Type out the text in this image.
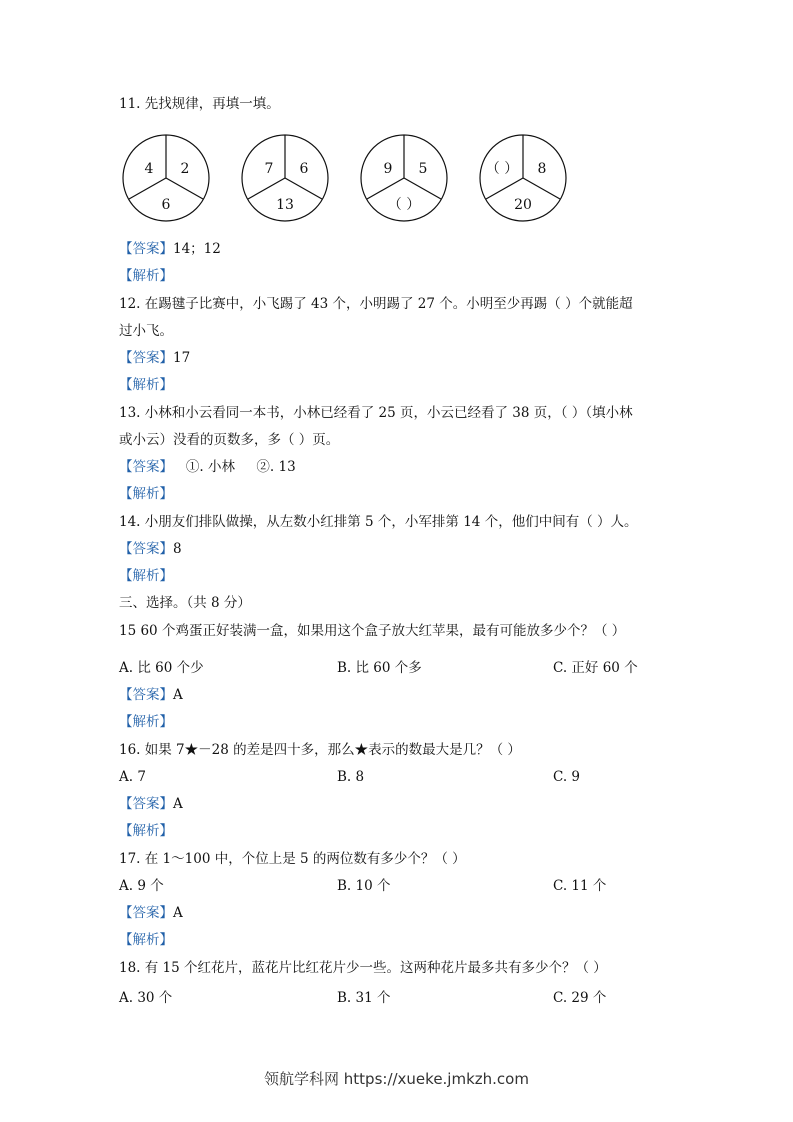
11. 先找规律，再填一填。
4 2
6
7 6
13
9 5
（ ）
（ ） 8
20
【答案】14；12
【解析】
12. 在踢毽子比赛中，小飞踢了 43 个，小明踢了 27 个。小明至少再踢（ ）个就能超
过小飞。
【答案】17
【解析】
13. 小林和小云看同一本书，小林已经看了 25 页，小云已经看了 38 页，（ ）（填小林
或小云）没看的页数多，多（ ）页。
【答案】   ①. 小林     ②. 13
【解析】
14. 小朋友们排队做操，从左数小红排第 5 个，小军排第 14 个，他们中间有（ ）人。
【答案】8
【解析】
三、选择。（共 8 分）
15 60 个鸡蛋正好装满一盒，如果用这个盒子放大红苹果，最有可能放多少个？（ ）
A. 比 60 个少	B. 比 60 个多	C. 正好 60 个
【答案】A
【解析】
16. 如果 7★－28 的差是四十多，那么★表示的数最大是几？（ ）
A. 7	B. 8	C. 9
【答案】A
【解析】
17. 在 1～100 中，个位上是 5 的两位数有多少个？（ ）
A. 9 个	B. 10 个	C. 11 个
【答案】A
【解析】
18. 有 15 个红花片，蓝花片比红花片少一些。这两种花片最多共有多少个？（ ）
A. 30 个	B. 31 个	C. 29 个
领航学科网 https://xueke.jmkzh.com
